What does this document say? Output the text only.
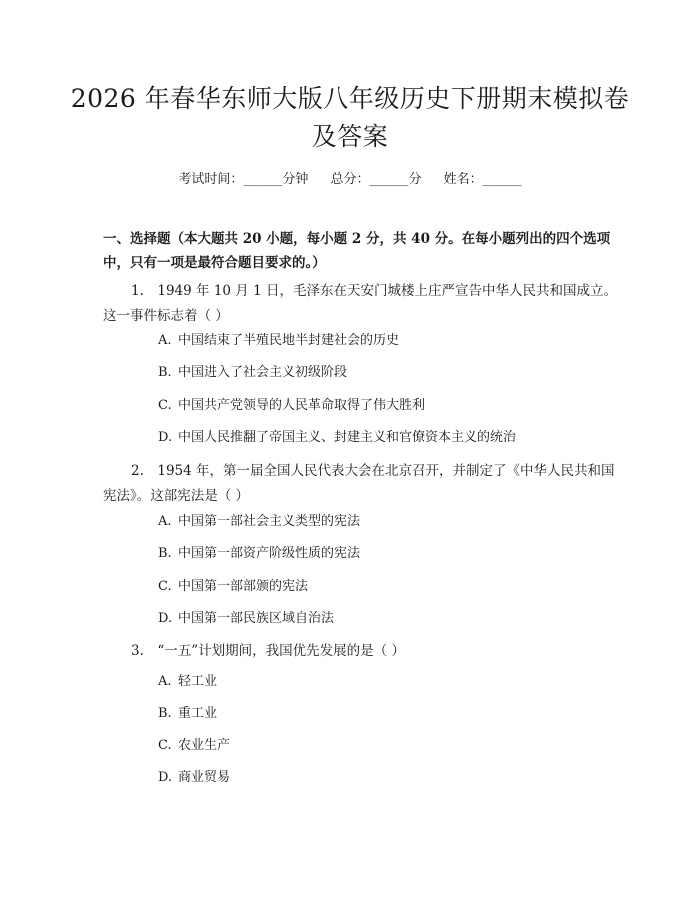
2026 年春华东师大版八年级历史下册期末模拟卷及答案
考试时间：______分钟 总分：______分 姓名：______
一、选择题（本大题共 20 小题，每小题 2 分，共 40 分。在每小题列出的四个选项中，只有一项是最符合题目要求的。）
1.　1949 年 10 月 1 日，毛泽东在天安门城楼上庄严宣告中华人民共和国成立。这一事件标志着（ ）
A. 中国结束了半殖民地半封建社会的历史
B. 中国进入了社会主义初级阶段
C. 中国共产党领导的人民革命取得了伟大胜利
D. 中国人民推翻了帝国主义、封建主义和官僚资本主义的统治
2.　1954 年，第一届全国人民代表大会在北京召开，并制定了《中华人民共和国宪法》。这部宪法是（ ）
A. 中国第一部社会主义类型的宪法
B. 中国第一部资产阶级性质的宪法
C. 中国第一部部颁的宪法
D. 中国第一部民族区域自治法
3.　“一五”计划期间，我国优先发展的是（ ）
A. 轻工业
B. 重工业
C. 农业生产
D. 商业贸易
